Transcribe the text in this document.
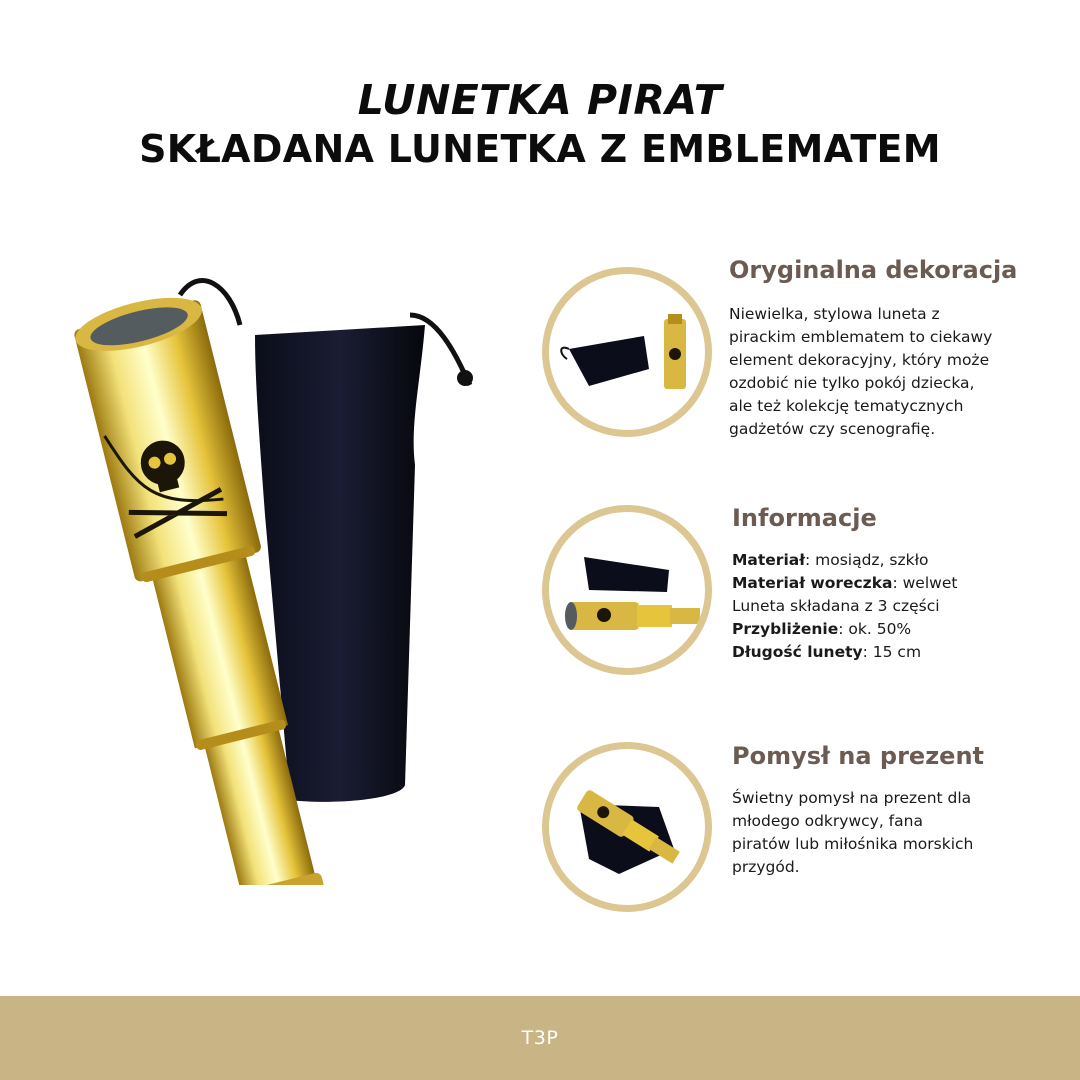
LUNETKA PIRAT
SKŁADANA LUNETKA Z EMBLEMATEM
Oryginalna dekoracja

Niewielka, stylowa luneta z pirackim emblematem to ciekawy element dekoracyjny, który może ozdobić nie tylko pokój dziecka, ale też kolekcję tematycznych gadżetów czy scenografię.

Informacje
Materiał: mosiądz, szkło
Materiał woreczka: welwet
Luneta składana z 3 części
Przybliżenie: ok. 50%
Długość lunety: 15 cm
Pomysł na prezent

Świetny pomysł na prezent dla młodego odkrywcy, fana piratów lub miłośnika morskich przygód.

T3P
